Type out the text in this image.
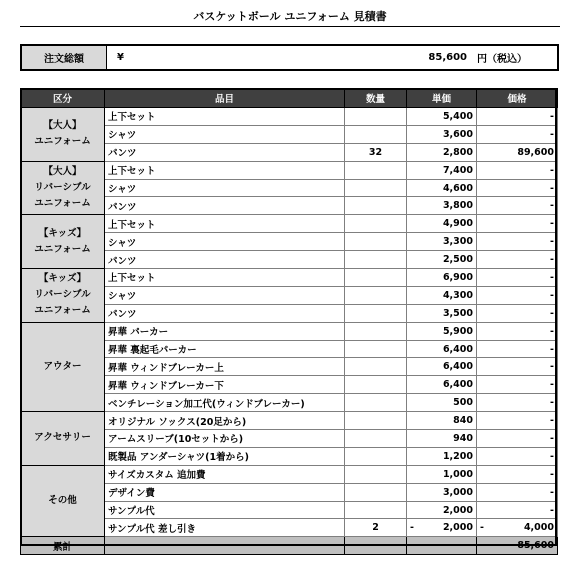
バスケットボール ユニフォーム 見積書
注文総額	¥	85,600	円（税込）
区分	品目	数量	単価	価格
【大人】
ユニフォーム	上下セット		5,400	-
	シャツ		3,600	-
	パンツ	32	2,800	89,600
【大人】
リバーシブル
ユニフォーム	上下セット		7,400	-
	シャツ		4,600	-
	パンツ		3,800	-
【キッズ】
ユニフォーム	上下セット		4,900	-
	シャツ		3,300	-
	パンツ		2,500	-
【キッズ】
リバーシブル
ユニフォーム	上下セット		6,900	-
	シャツ		4,300	-
	パンツ		3,500	-
アウター	昇華 パーカー		5,900	-
	昇華 裏起毛パーカー		6,400	-
	昇華 ウィンドブレーカー上		6,400	-
	昇華 ウィンドブレーカー下		6,400	-
	ベンチレーション加工代(ウィンドブレーカー)		500	-
アクセサリー	オリジナル ソックス(20足から)		840	-
	アームスリーブ(10セットから)		940	-
	既製品 アンダーシャツ(1着から)		1,200	-
その他	サイズカスタム 追加費		1,000	-
	デザイン費		3,000	-
	サンプル代		2,000	-
	サンプル代 差し引き	2	- 2,000	- 4,000

累計				85,600
